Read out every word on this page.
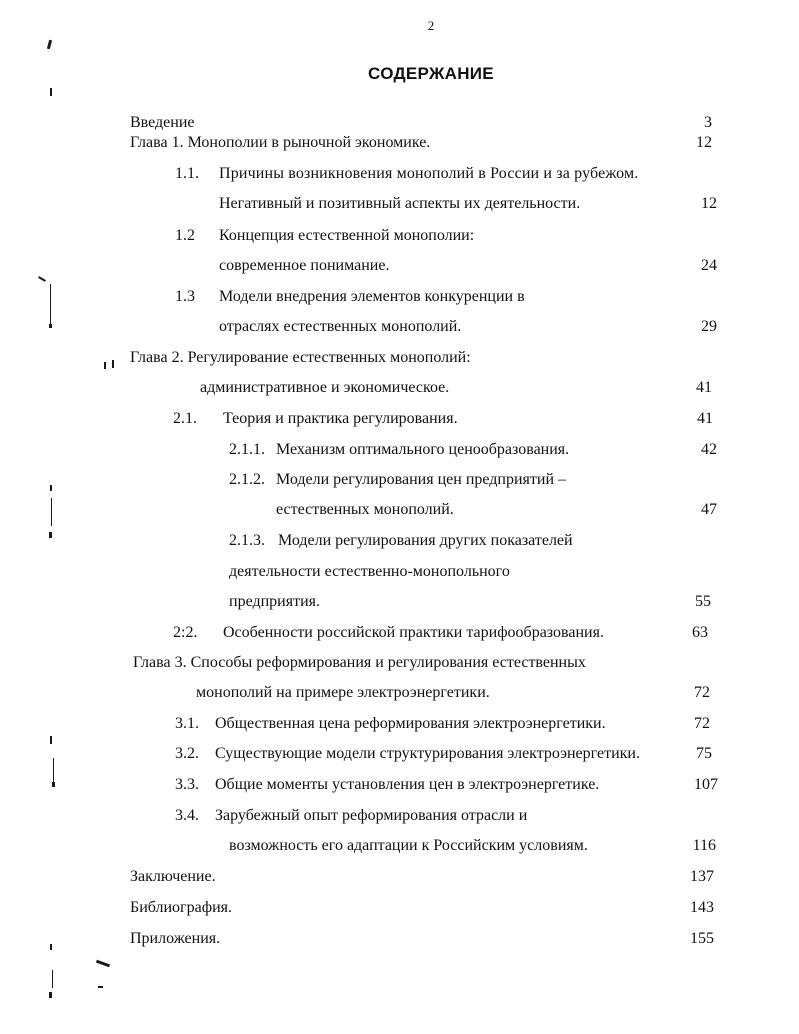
2
СОДЕРЖАНИЕ
Введение	3
Глава 1. Монополии в рыночной экономике.	12
1.1. Причины возникновения монополий в России и за рубежом.
Негативный и позитивный аспекты их деятельности.	12
1.2 Концепция естественной монополии:
современное понимание.	24
1.3 Модели внедрения элементов конкуренции в
отраслях естественных монополий.	29
Глава 2. Регулирование естественных монополий:
административное и экономическое.	41
2.1. Теория и практика регулирования.	41
2.1.1. Механизм оптимального ценообразования.	42
2.1.2. Модели регулирования цен предприятий –
естественных монополий.	47
2.1.3. Модели регулирования других показателей
деятельности естественно-монопольного
предприятия.	55
2:2. Особенности российской практики тарифообразования.	63
Глава 3. Способы реформирования и регулирования естественных
монополий на примере электроэнергетики.	72
3.1. Общественная цена реформирования электроэнергетики.	72
3.2. Существующие модели структурирования электроэнергетики.	75
3.3. Общие моменты установления цен в электроэнергетике.	107
3.4. Зарубежный опыт реформирования отрасли и
возможность его адаптации к Российским условиям.	116
Заключение.	137
Библиография.	143
Приложения.	155
